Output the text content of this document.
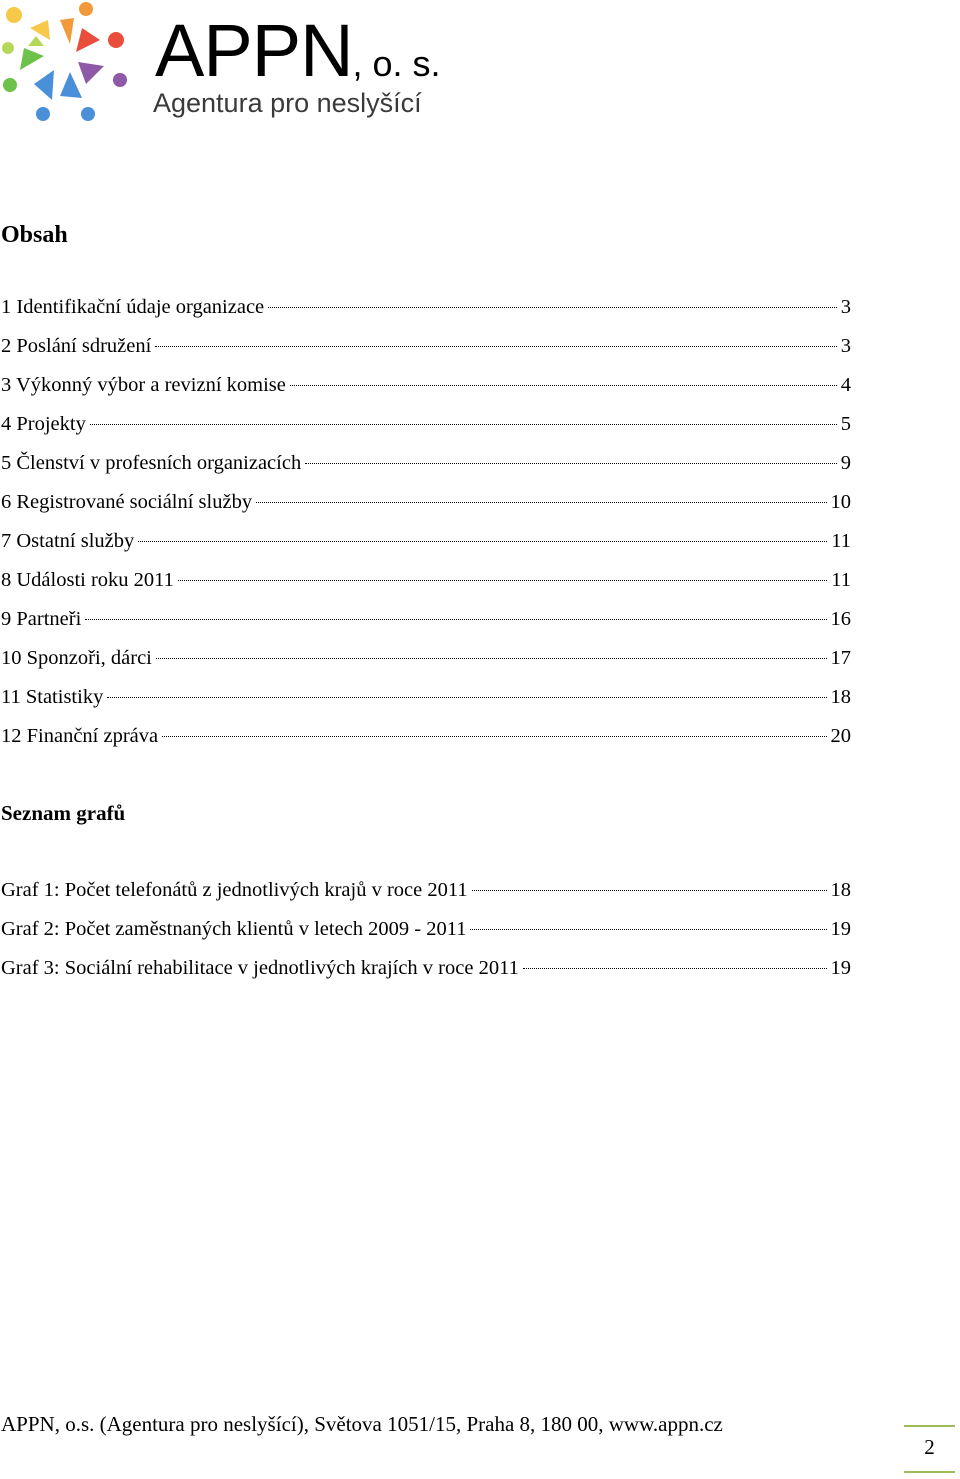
APPN, o. s.
Agentura pro neslyšící
Obsah
1 Identifikační údaje organizace	3
2 Poslání sdružení	3
3 Výkonný výbor a revizní komise	4
4 Projekty	5
5 Členství v profesních organizacích	9
6 Registrované sociální služby	10
7 Ostatní služby	11
8 Události roku 2011	11
9 Partneři	16
10 Sponzoři, dárci	17
11 Statistiky	18
12 Finanční zpráva	20
Seznam grafů
Graf 1: Počet telefonátů z jednotlivých krajů v roce 2011	18
Graf 2: Počet zaměstnaných klientů v letech 2009 - 2011	19
Graf 3: Sociální rehabilitace v jednotlivých krajích v roce 2011	19
APPN, o.s. (Agentura pro neslyšící), Světova 1051/15, Praha 8, 180 00, www.appn.cz
2
